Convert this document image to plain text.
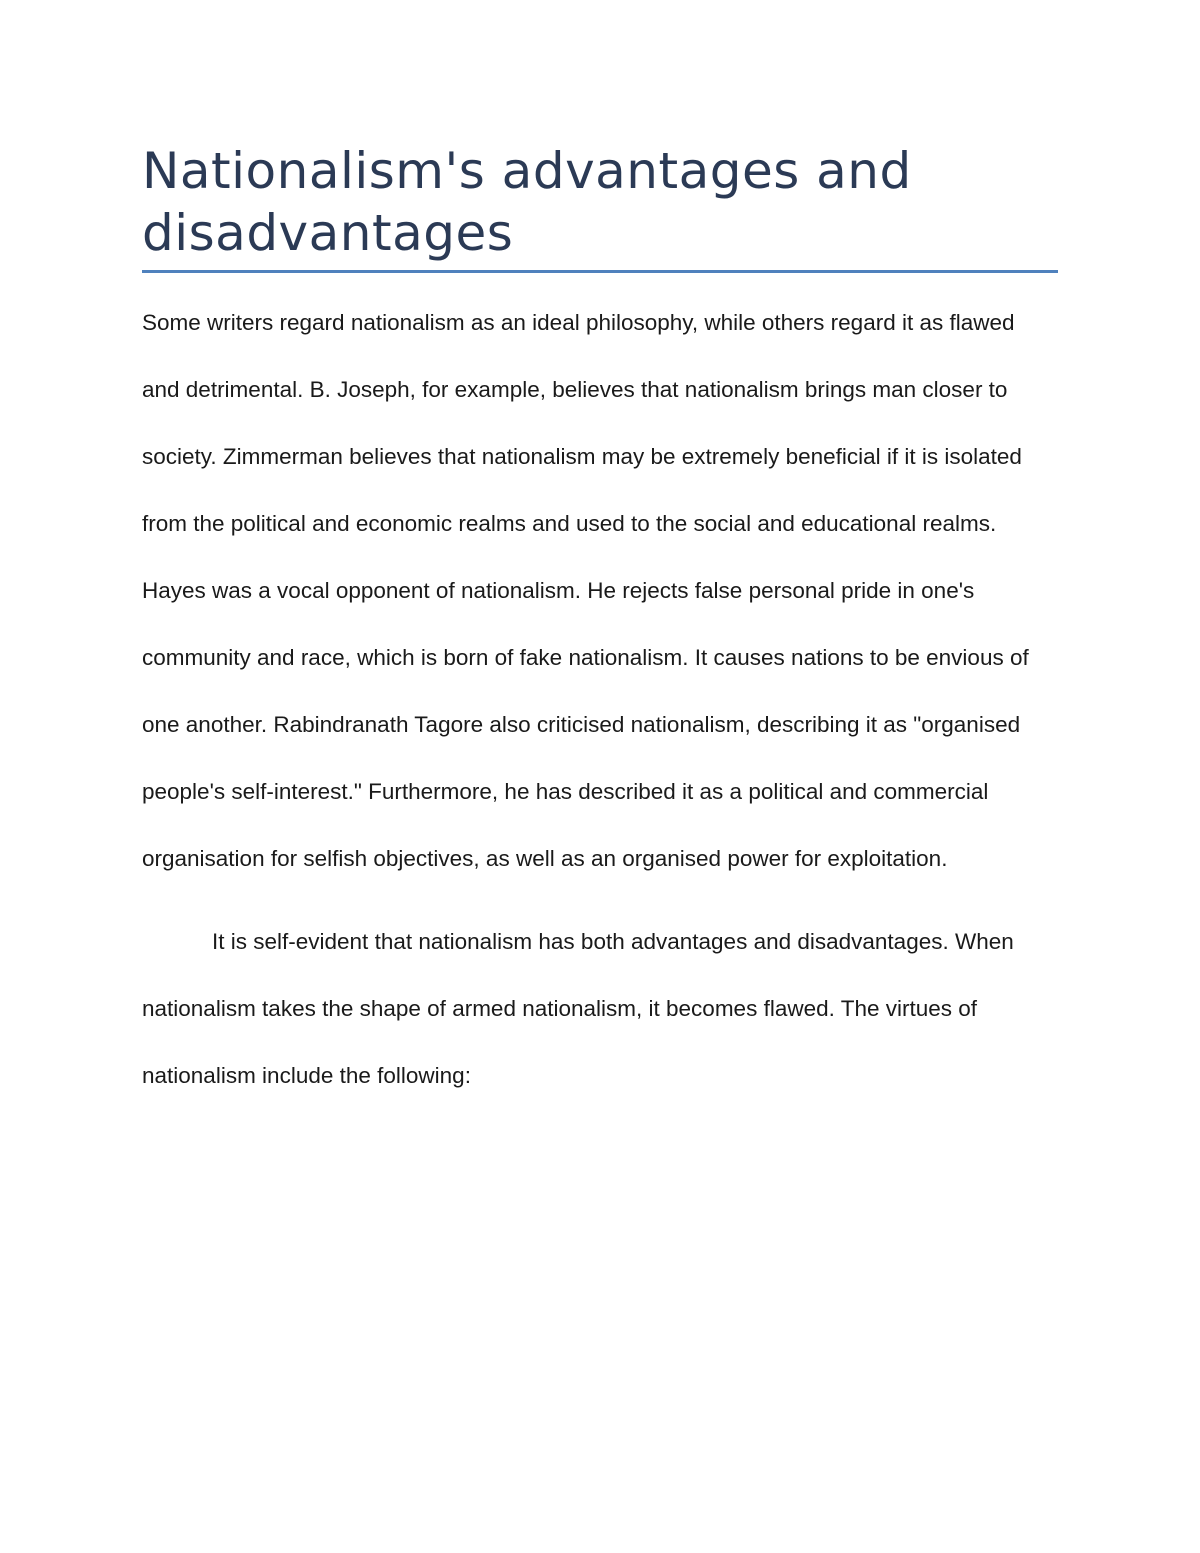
Nationalism's advantages and disadvantages

Some writers regard nationalism as an ideal philosophy, while others regard it as flawed and detrimental. B. Joseph, for example, believes that nationalism brings man closer to society. Zimmerman believes that nationalism may be extremely beneficial if it is isolated from the political and economic realms and used to the social and educational realms. Hayes was a vocal opponent of nationalism. He rejects false personal pride in one's community and race, which is born of fake nationalism. It causes nations to be envious of one another. Rabindranath Tagore also criticised nationalism, describing it as "organised people's self-interest." Furthermore, he has described it as a political and commercial organisation for selfish objectives, as well as an organised power for exploitation.

It is self-evident that nationalism has both advantages and disadvantages. When nationalism takes the shape of armed nationalism, it becomes flawed. The virtues of nationalism include the following:
